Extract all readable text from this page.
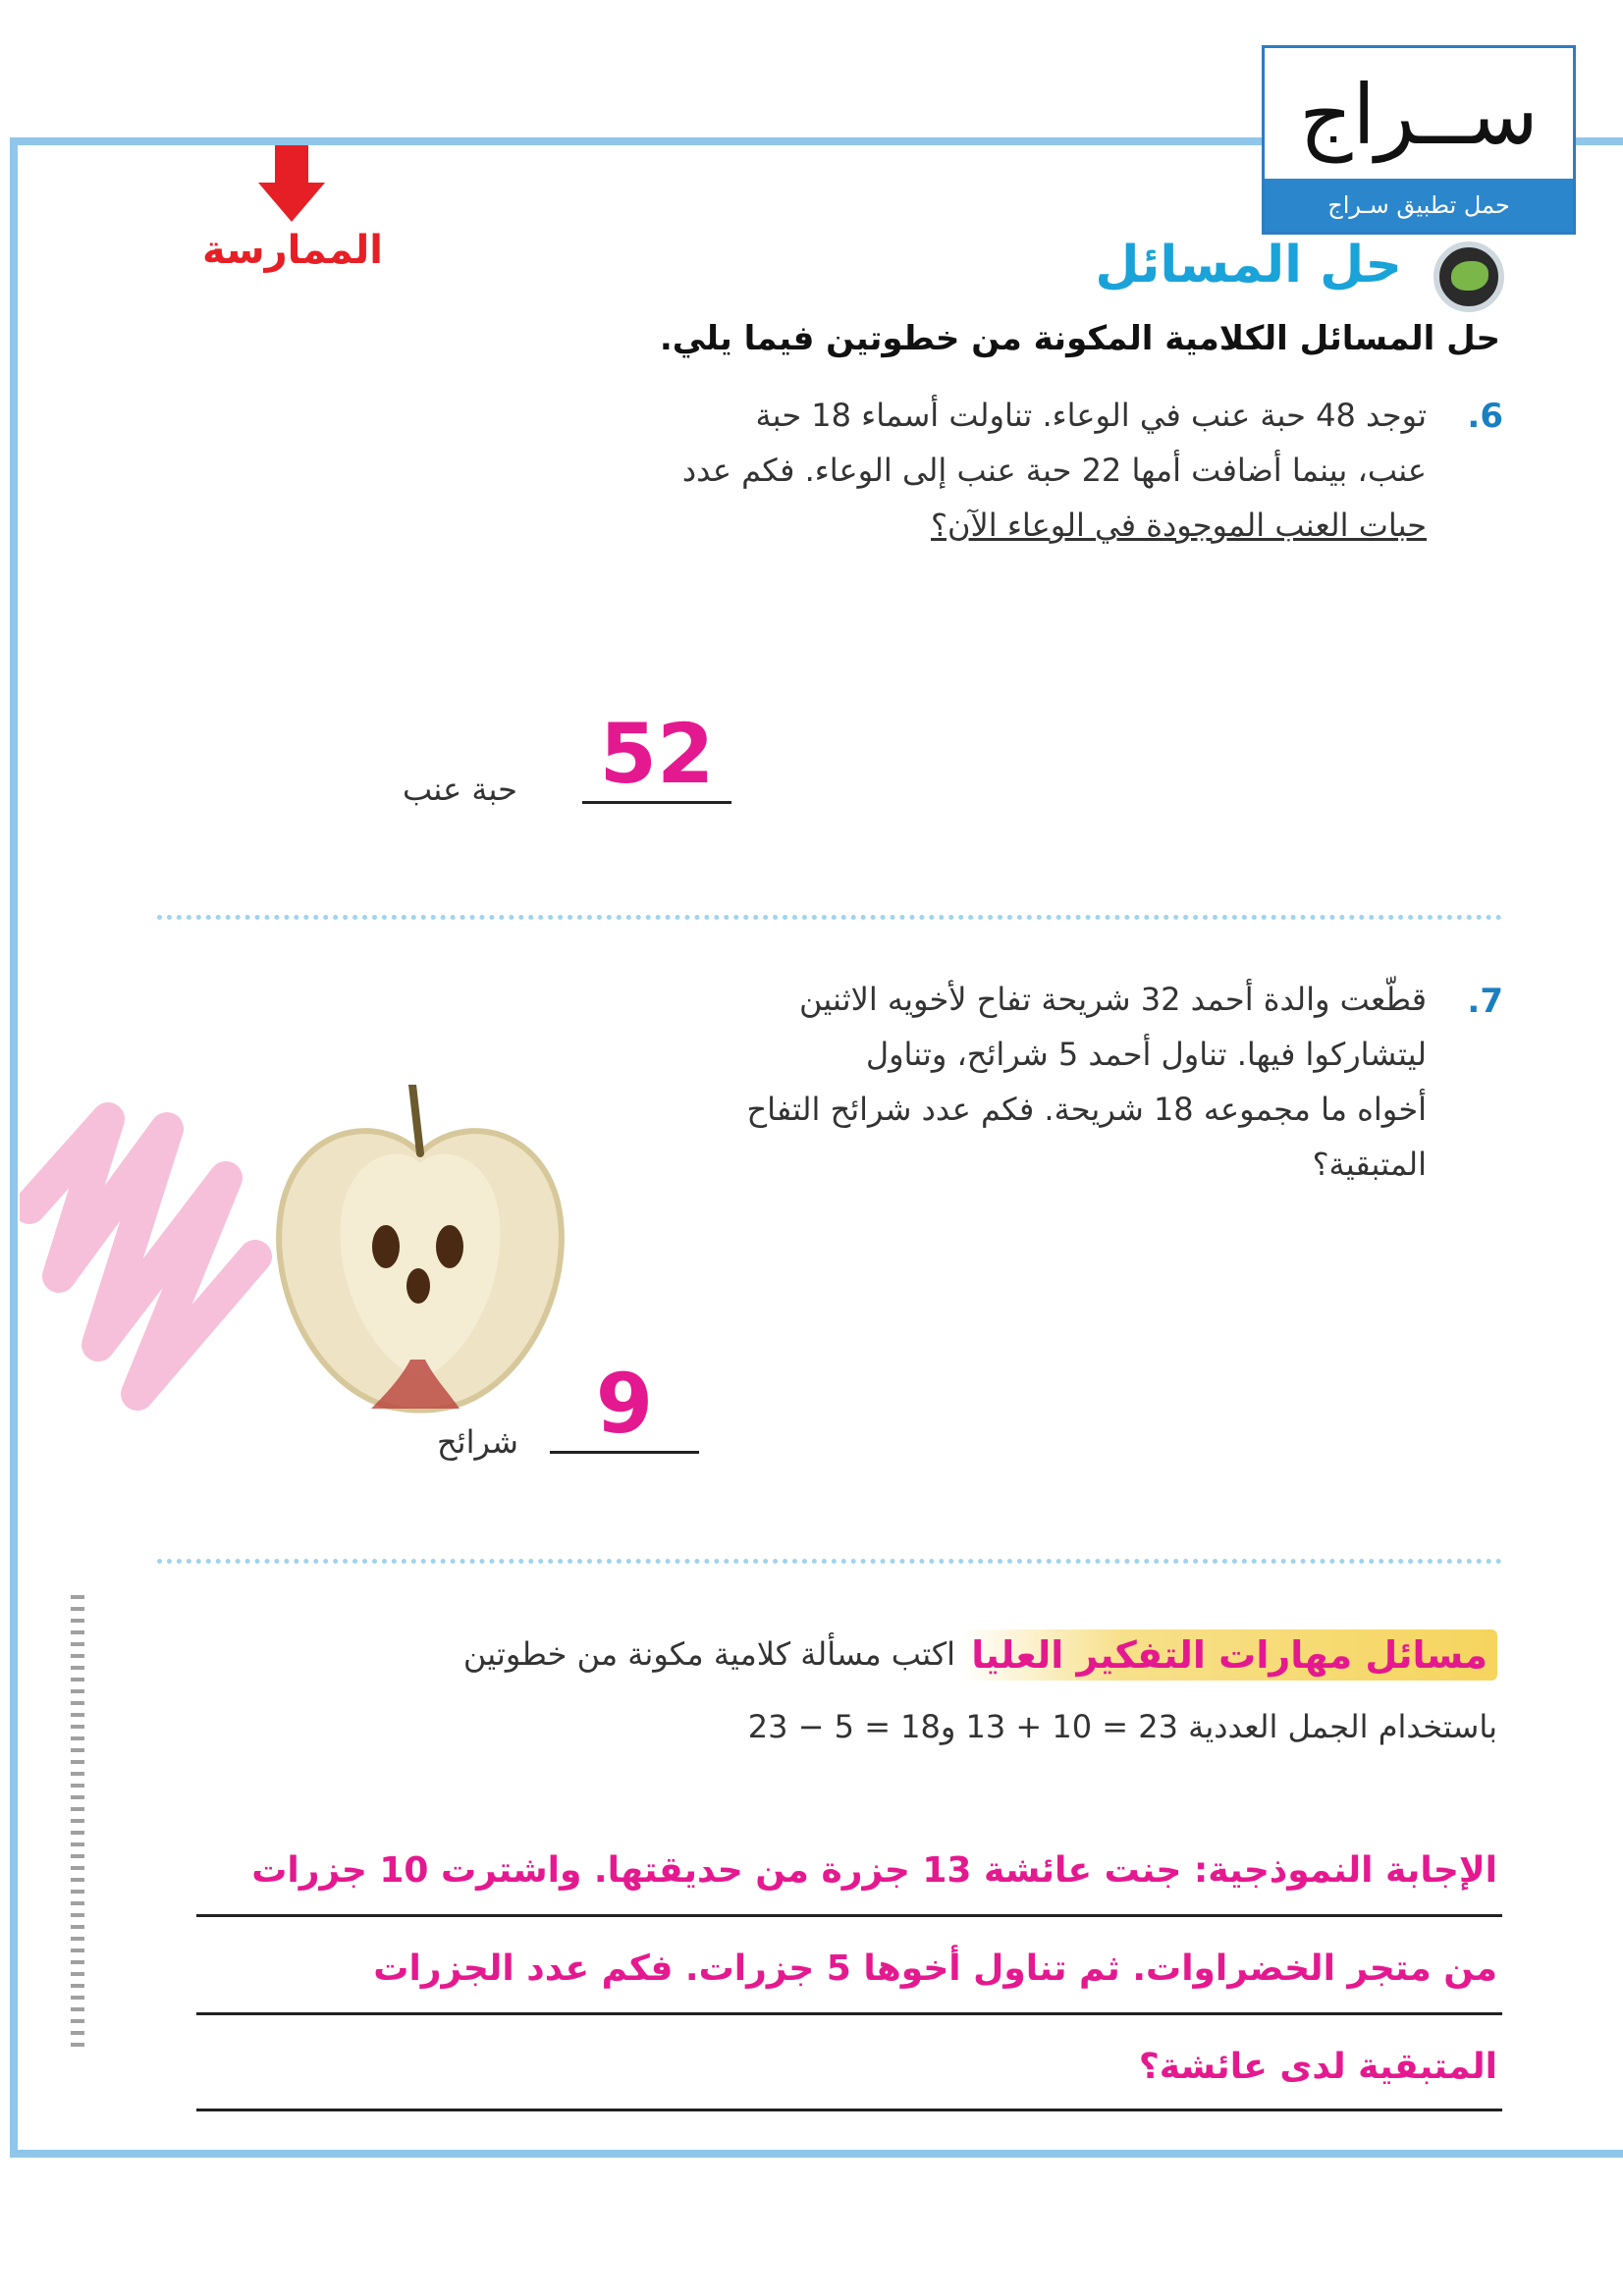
ســراج
حمل تطبيق سـراج
الممارسة	حل المسائل
حل المسائل الكلامية المكونة من خطوتين فيما يلي.
.6
توجد 48 حبة عنب في الوعاء. تناولت أسماء 18 حبة
عنب، بينما أضافت أمها 22 حبة عنب إلى الوعاء. فكم عدد
حبات العنب الموجودة في الوعاء الآن؟
52
حبة عنب
.7
قطّعت والدة أحمد 32 شريحة تفاح لأخويه الاثنين
ليتشاركوا فيها. تناول أحمد 5 شرائح، وتناول
أخواه ما مجموعه 18 شريحة. فكم عدد شرائح التفاح
المتبقية؟
9
شرائح
مسائل مهارات التفكير العليا
اكتب مسألة كلامية مكونة من خطوتين
باستخدام الجمل العددية 23 = 10 + 13 و18 = 5 − 23
الإجابة النموذجية: جنت عائشة 13 جزرة من حديقتها. واشترت 10 جزرات
من متجر الخضراوات. ثم تناول أخوها 5 جزرات. فكم عدد الجزرات
المتبقية لدى عائشة؟
